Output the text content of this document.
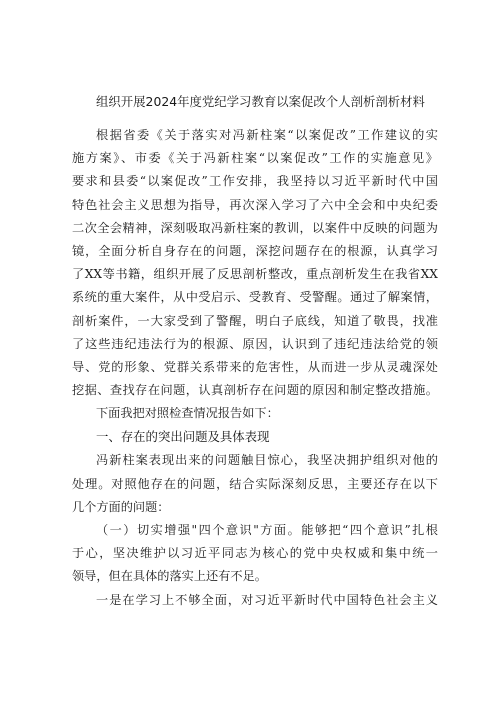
组织开展2024年度党纪学习教育以案促改个人剖析剖析材料
根据省委《关于落实对冯新柱案“以案促改”工作建议的实
施方案》、市委《关于冯新柱案“以案促改”工作的实施意见》
要求和县委“以案促改”工作安排，我坚持以习近平新时代中国
特色社会主义思想为指导，再次深入学习了六中全会和中央纪委
二次全会精神，深刻吸取冯新柱案的教训，以案件中反映的问题为
镜，全面分析自身存在的问题，深挖问题存在的根源，认真学习
了XX等书籍，组织开展了反思剖析整改，重点剖析发生在我省XX
系统的重大案件，从中受启示、受教育、受警醒。通过了解案情，
剖析案件，一大家受到了警醒，明白子底线，知道了敬畏，找准
了这些违纪违法行为的根源、原因，认识到了违纪违法给党的领
导、党的形象、党群关系带来的危害性，从而进一步从灵魂深处
挖据、查找存在问题，认真剖析存在问题的原因和制定整改措施。
下面我把对照检查情况报告如下：
一、存在的突出问题及具体表现
冯新柱案表现出来的问题触目惊心，我坚决拥护组织对他的
处理。对照他存在的问题，结合实际深刻反思，主要还存在以下
几个方面的问题：
（一）切实增强"四个意识"方面。能够把“四个意识”扎根
于心，坚决维护以习近平同志为核心的党中央权威和集中统一
领导，但在具体的落实上还有不足。
一是在学习上不够全面，对习近平新时代中国特色社会主义
